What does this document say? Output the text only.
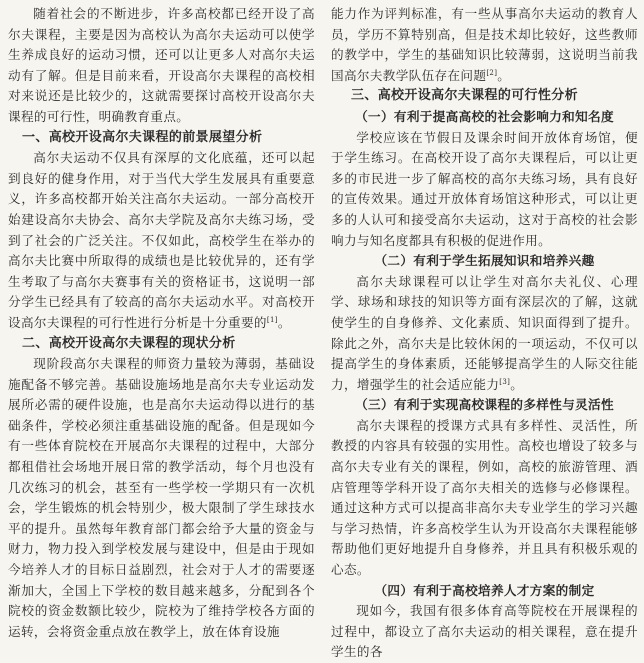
随着社会的不断进步，许多高校都已经开设了高尔夫课程，主要是因为高校认为高尔夫运动可以使学生养成良好的运动习惯，还可以让更多人对高尔夫运动有了解。但是目前来看，开设高尔夫课程的高校相对来说还是比较少的，这就需要探讨高校开设高尔夫课程的可行性，明确教育重点。

一、高校开设高尔夫课程的前景展望分析

高尔夫运动不仅具有深厚的文化底蕴，还可以起到良好的健身作用，对于当代大学生发展具有重要意义，许多高校都开始关注高尔夫运动。一部分高校开始建设高尔夫协会、高尔夫学院及高尔夫练习场，受到了社会的广泛关注。不仅如此，高校学生在举办的高尔夫比赛中所取得的成绩也是比较优异的，还有学生考取了与高尔夫赛事有关的资格证书，这说明一部分学生已经具有了较高的高尔夫运动水平。对高校开设高尔夫课程的可行性进行分析是十分重要的[1]。

二、高校开设高尔夫课程的现状分析

现阶段高尔夫课程的师资力量较为薄弱，基础设施配备不够完善。基础设施场地是高尔夫专业运动发展所必需的硬件设施，也是高尔夫运动得以进行的基础条件，学校必须注重基础设施的配备。但是现如今有一些体育院校在开展高尔夫课程的过程中，大部分都租借社会场地开展日常的教学活动，每个月也没有几次练习的机会，甚至有一些学校一学期只有一次机会，学生锻炼的机会特别少，极大限制了学生球技水平的提升。虽然每年教育部门都会给予大量的资金与财力，物力投入到学校发展与建设中，但是由于现如今培养人才的目标日益剧烈，社会对于人才的需要逐渐加大，全国上下学校的数目越来越多，分配到各个院校的资金数额比较少，院校为了维持学校各方面的运转，会将资金重点放在教学上，放在体育设施

能力作为评判标准，有一些从事高尔夫运动的教育人员，学历不算特别高，但是技术却比较好，这些教师的教学中，学生的基础知识比较薄弱，这说明当前我国高尔夫教学队伍存在问题[2]。

三、高校开设高尔夫课程的可行性分析
（一）有利于提高高校的社会影响力和知名度

学校应该在节假日及课余时间开放体育场馆，便于学生练习。在高校开设了高尔夫课程后，可以让更多的市民进一步了解高校的高尔夫练习场，具有良好的宣传效果。通过开放体育场馆这种形式，可以让更多的人认可和接受高尔夫运动，这对于高校的社会影响力与知名度都具有积极的促进作用。

（二）有利于学生拓展知识和培养兴趣

高尔夫球课程可以让学生对高尔夫礼仪、心理学、球场和球技的知识等方面有深层次的了解，这就使学生的自身修养、文化素质、知识面得到了提升。除此之外，高尔夫是比较休闲的一项运动，不仅可以提高学生的身体素质，还能够提高学生的人际交往能力，增强学生的社会适应能力[3]。

（三）有利于实现高校课程的多样性与灵活性

高尔夫课程的授课方式具有多样性、灵活性，所教授的内容具有较强的实用性。高校也增设了较多与高尔夫专业有关的课程，例如，高校的旅游管理、酒店管理等学科开设了高尔夫相关的选修与必修课程。通过这种方式可以提高非高尔夫专业学生的学习兴趣与学习热情，许多高校学生认为开设高尔夫课程能够帮助他们更好地提升自身修养，并且具有积极乐观的心态。

（四）有利于高校培养人才方案的制定

现如今，我国有很多体育高等院校在开展课程的过程中，都设立了高尔夫运动的相关课程，意在提升学生的各
